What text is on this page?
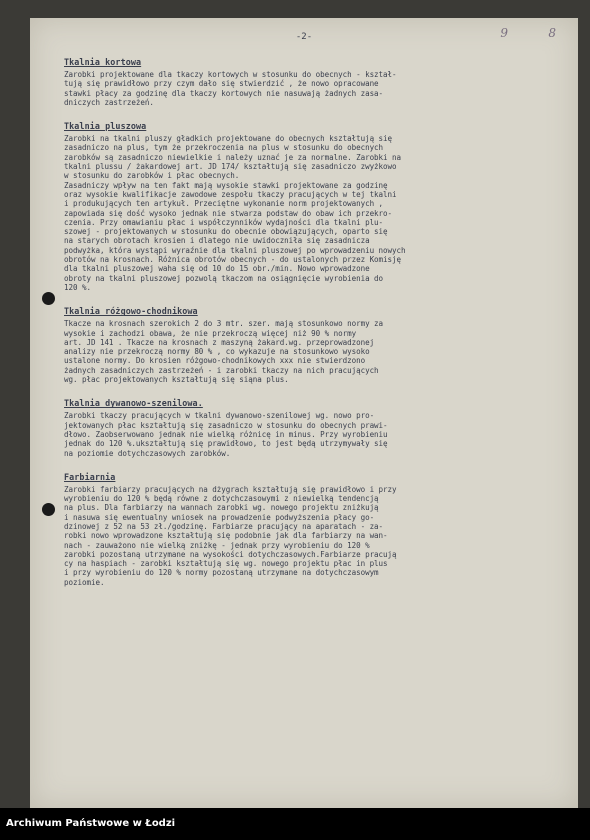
-2-	9	8
Tkalnia kortowa

Zarobki projektowane dla tkaczy kortowych w stosunku do obecnych - kształ-

tują się prawidłowo przy czym dało się stwierdzić , że nowo opracowane

stawki płacy za godzinę dla tkaczy kortowych nie nasuwają żadnych zasa-

dniczych zastrzeżeń.

Tkalnia pluszowa

Zarobki na tkalni pluszy gładkich projektowane do obecnych kształtują się

zasadniczo na plus, tym że przekroczenia na plus w stosunku do obecnych

zarobków są zasadniczo niewielkie i należy uznać je za normalne. Zarobki na

tkalni plussu / żakardowej art. JD 174/ kształtują się zasadniczo zwyżkowo

w stosunku do zarobków i płac obecnych.

Zasadniczy wpływ na ten fakt mają wysokie stawki projektowane za godzinę

oraz wysokie kwalifikacje zawodowe zespołu tkaczy pracujących w tej tkalni

i produkujących ten artykuł. Przeciętne wykonanie norm projektowanych ,

zapowiada się dość wysoko jednak nie stwarza podstaw do obaw ich przekro-

czenia. Przy omawianiu płac i współczynników wydajności dla tkalni plu-

szowej - projektowanych w stosunku do obecnie obowiązujących, oparto się

na starych obrotach krosien i dlatego nie uwidoczniła się zasadnicza

podwyżka, która wystąpi wyraźnie dla tkalni pluszowej po wprowadzeniu nowych

obrotów na krosnach. Różnica obrotów obecnych - do ustalonych przez Komisję

dla tkalni pluszowej waha się od 10 do 15 obr./min. Nowo wprowadzone

obroty na tkalni pluszowej pozwolą tkaczom na osiągnięcie wyrobienia do

120 %.

Tkalnia różgowo-chodnikowa

Tkacze na krosnach szerokich 2 do 3 mtr. szer. mają stosunkowo normy za

wysokie i zachodzi obawa, że nie przekroczą więcej niż 90 % normy

art. JD 141 . Tkacze na krosnach z maszyną żakard.wg. przeprowadzonej

analizy nie przekroczą normy 80 % , co wykazuje na stosunkowo wysoko

ustalone normy. Do krosien różgowo-chodnikowych xxx nie stwierdzono

żadnych zasadniczych zastrzeżeń - i zarobki tkaczy na nich pracujących

wg. płac projektowanych kształtują się siąna plus.

Tkalnia dywanowo-szenilowa.

Zarobki tkaczy pracujących w tkalni dywanowo-szenilowej wg. nowo pro-

jektowanych płac kształtują się zasadniczo w stosunku do obecnych prawi-

dłowo. Zaobserwowano jednak nie wielką różnicę in minus. Przy wyrobieniu

jednak do 120 %.ukształtują się prawidłowo, to jest będą utrzymywały się

na poziomie dotychczasowych zarobków.

Farbiarnia

Zarobki farbiarzy pracujących na dżygrach kształtują się prawidłowo i przy

wyrobieniu do 120 % będą równe z dotychczasowymi z niewielką tendencją

na plus. Dla farbiarzy na wannach zarobki wg. nowego projektu zniżkują

i nasuwa się ewentualny wniosek na prowadzenie podwyższenia płacy go-

dzinowej z 52 na 53 zł./godzinę. Farbiarze pracujący na aparatach - za-

robki nowo wprowadzone kształtują się podobnie jak dla farbiarzy na wan-

nach - zauważono nie wielką zniżkę - jednak przy wyrobieniu do 120 %

zarobki pozostaną utrzymane na wysokości dotychczasowych.Farbiarze pracują

cy na haspiach - zarobki kształtują się wg. nowego projektu płac in plus

i przy wyrobieniu do 120 % normy pozostaną utrzymane na dotychczasowym

poziomie.

Archiwum Państwowe w Łodzi
